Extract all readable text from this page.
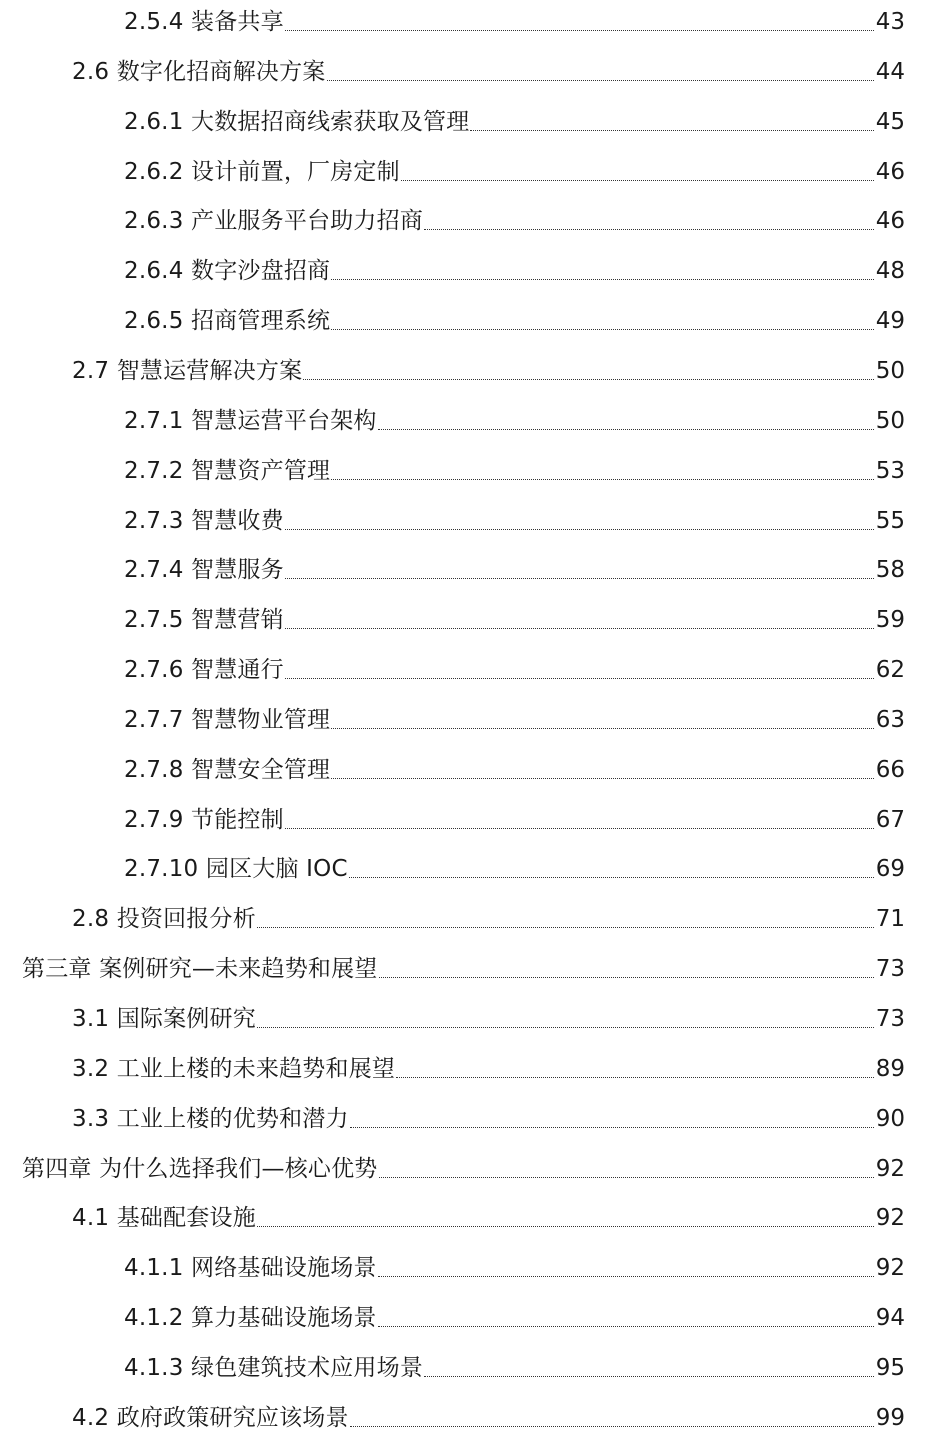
2.5.4 装备共享	43
2.6 数字化招商解决方案	44
2.6.1 大数据招商线索获取及管理	45
2.6.2 设计前置，厂房定制	46
2.6.3 产业服务平台助力招商	46
2.6.4 数字沙盘招商	48
2.6.5 招商管理系统	49
2.7 智慧运营解决方案	50
2.7.1 智慧运营平台架构	50
2.7.2 智慧资产管理	53
2.7.3 智慧收费	55
2.7.4 智慧服务	58
2.7.5 智慧营销	59
2.7.6 智慧通行	62
2.7.7 智慧物业管理	63
2.7.8 智慧安全管理	66
2.7.9 节能控制	67
2.7.10 园区大脑 IOC	69
2.8 投资回报分析	71
第三章 案例研究—未来趋势和展望	73
3.1 国际案例研究	73
3.2 工业上楼的未来趋势和展望	89
3.3 工业上楼的优势和潜力	90
第四章 为什么选择我们—核心优势	92
4.1 基础配套设施	92
4.1.1 网络基础设施场景	92
4.1.2 算力基础设施场景	94
4.1.3 绿色建筑技术应用场景	95
4.2 政府政策研究应该场景	99
